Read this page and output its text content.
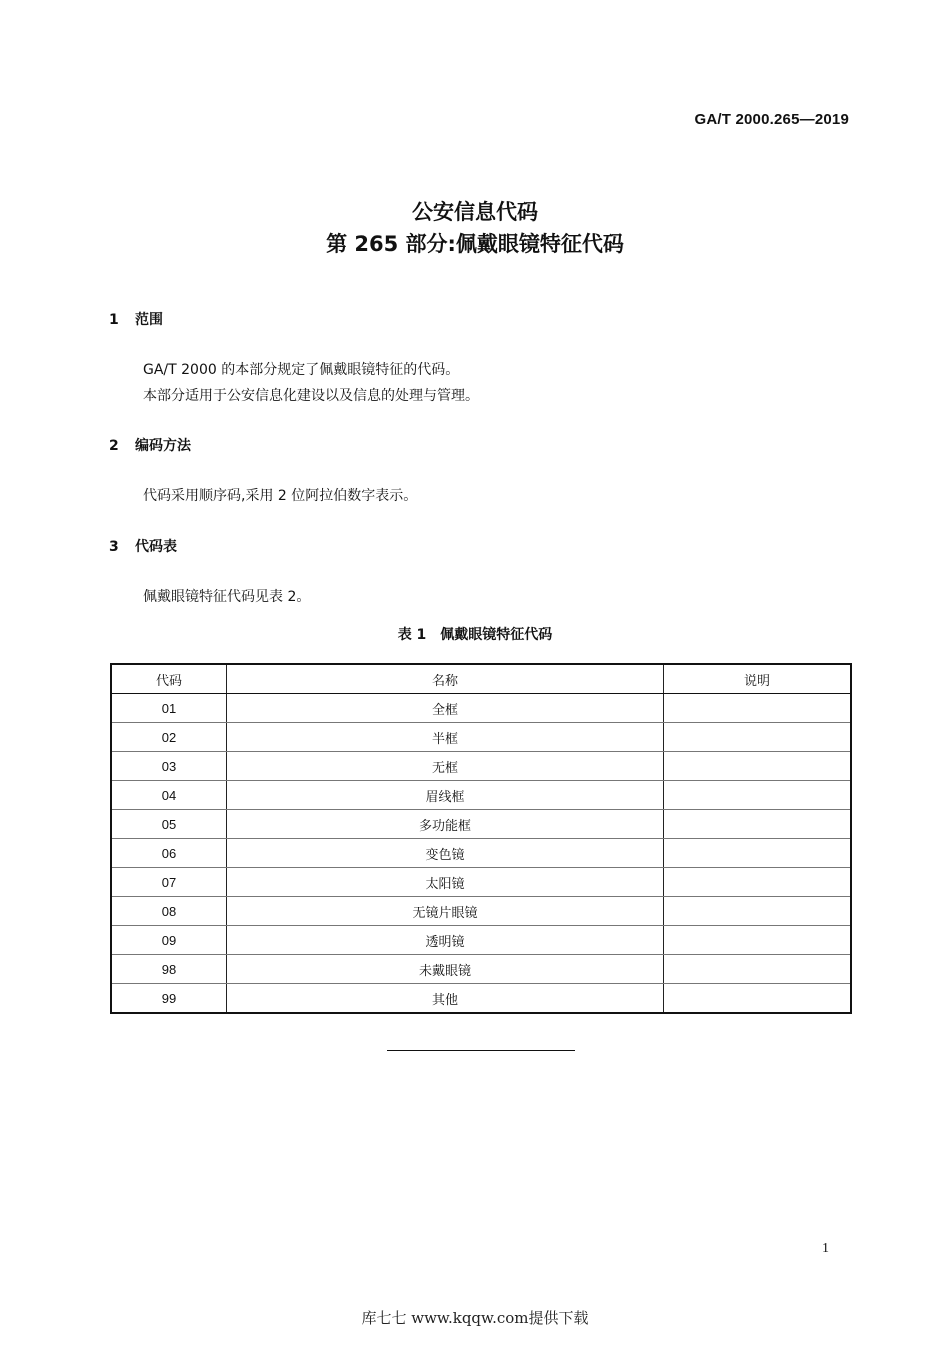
GA/T 2000.265—2019
公安信息代码
第 265 部分:佩戴眼镜特征代码
1 范围
GA/T 2000 的本部分规定了佩戴眼镜特征的代码。
本部分适用于公安信息化建设以及信息的处理与管理。
2 编码方法
代码采用顺序码,采用 2 位阿拉伯数字表示。
3 代码表
佩戴眼镜特征代码见表 2。
表 1　佩戴眼镜特征代码
代码	名称	说明
01	全框	
02	半框	
03	无框	
04	眉线框	
05	多功能框	
06	变色镜	
07	太阳镜	
08	无镜片眼镜	
09	透明镜	
98	未戴眼镜	
99	其他	
1
库七七 www.kqqw.com提供下载
